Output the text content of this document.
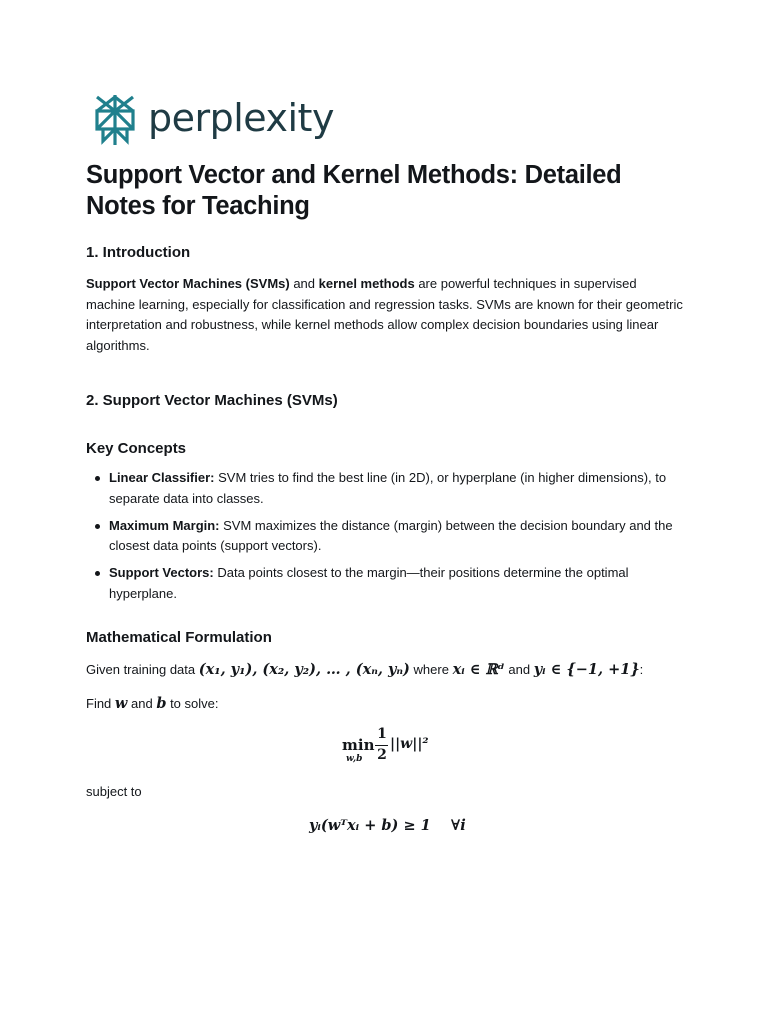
perplexity
Support Vector and Kernel Methods: Detailed Notes for Teaching
1. Introduction

Support Vector Machines (SVMs) and kernel methods are powerful techniques in supervised machine learning, especially for classification and regression tasks. SVMs are known for their geometric interpretation and robustness, while kernel methods allow complex decision boundaries using linear algorithms.

2. Support Vector Machines (SVMs)
Key Concepts
Linear Classifier: SVM tries to find the best line (in 2D), or hyperplane (in higher dimensions), to separate data into classes.
Maximum Margin: SVM maximizes the distance (margin) between the decision boundary and the closest data points (support vectors).
Support Vectors: Data points closest to the margin—their positions determine the optimal hyperplane.
Mathematical Formulation
Given training data (x₁, y₁), (x₂, y₂), … , (xₙ, yₙ) where xᵢ ∈ ℝᵈ and yᵢ ∈ {−1, +1}:
Find w and b to solve:
min
w,b
1
2
||w||²
subject to
yᵢ(wᵀxᵢ + b) ≥ 1    ∀i
